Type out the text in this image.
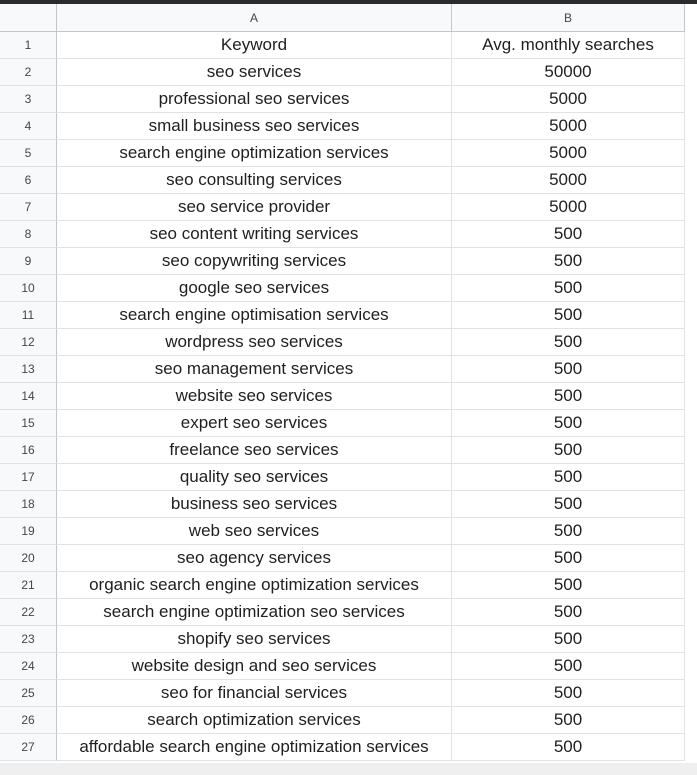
A	B
1	Keyword	Avg. monthly searches
2	seo services	50000
3	professional seo services	5000
4	small business seo services	5000
5	search engine optimization services	5000
6	seo consulting services	5000
7	seo service provider	5000
8	seo content writing services	500
9	seo copywriting services	500
10	google seo services	500
11	search engine optimisation services	500
12	wordpress seo services	500
13	seo management services	500
14	website seo services	500
15	expert seo services	500
16	freelance seo services	500
17	quality seo services	500
18	business seo services	500
19	web seo services	500
20	seo agency services	500
21	organic search engine optimization services	500
22	search engine optimization seo services	500
23	shopify seo services	500
24	website design and seo services	500
25	seo for financial services	500
26	search optimization services	500
27	affordable search engine optimization services	500
